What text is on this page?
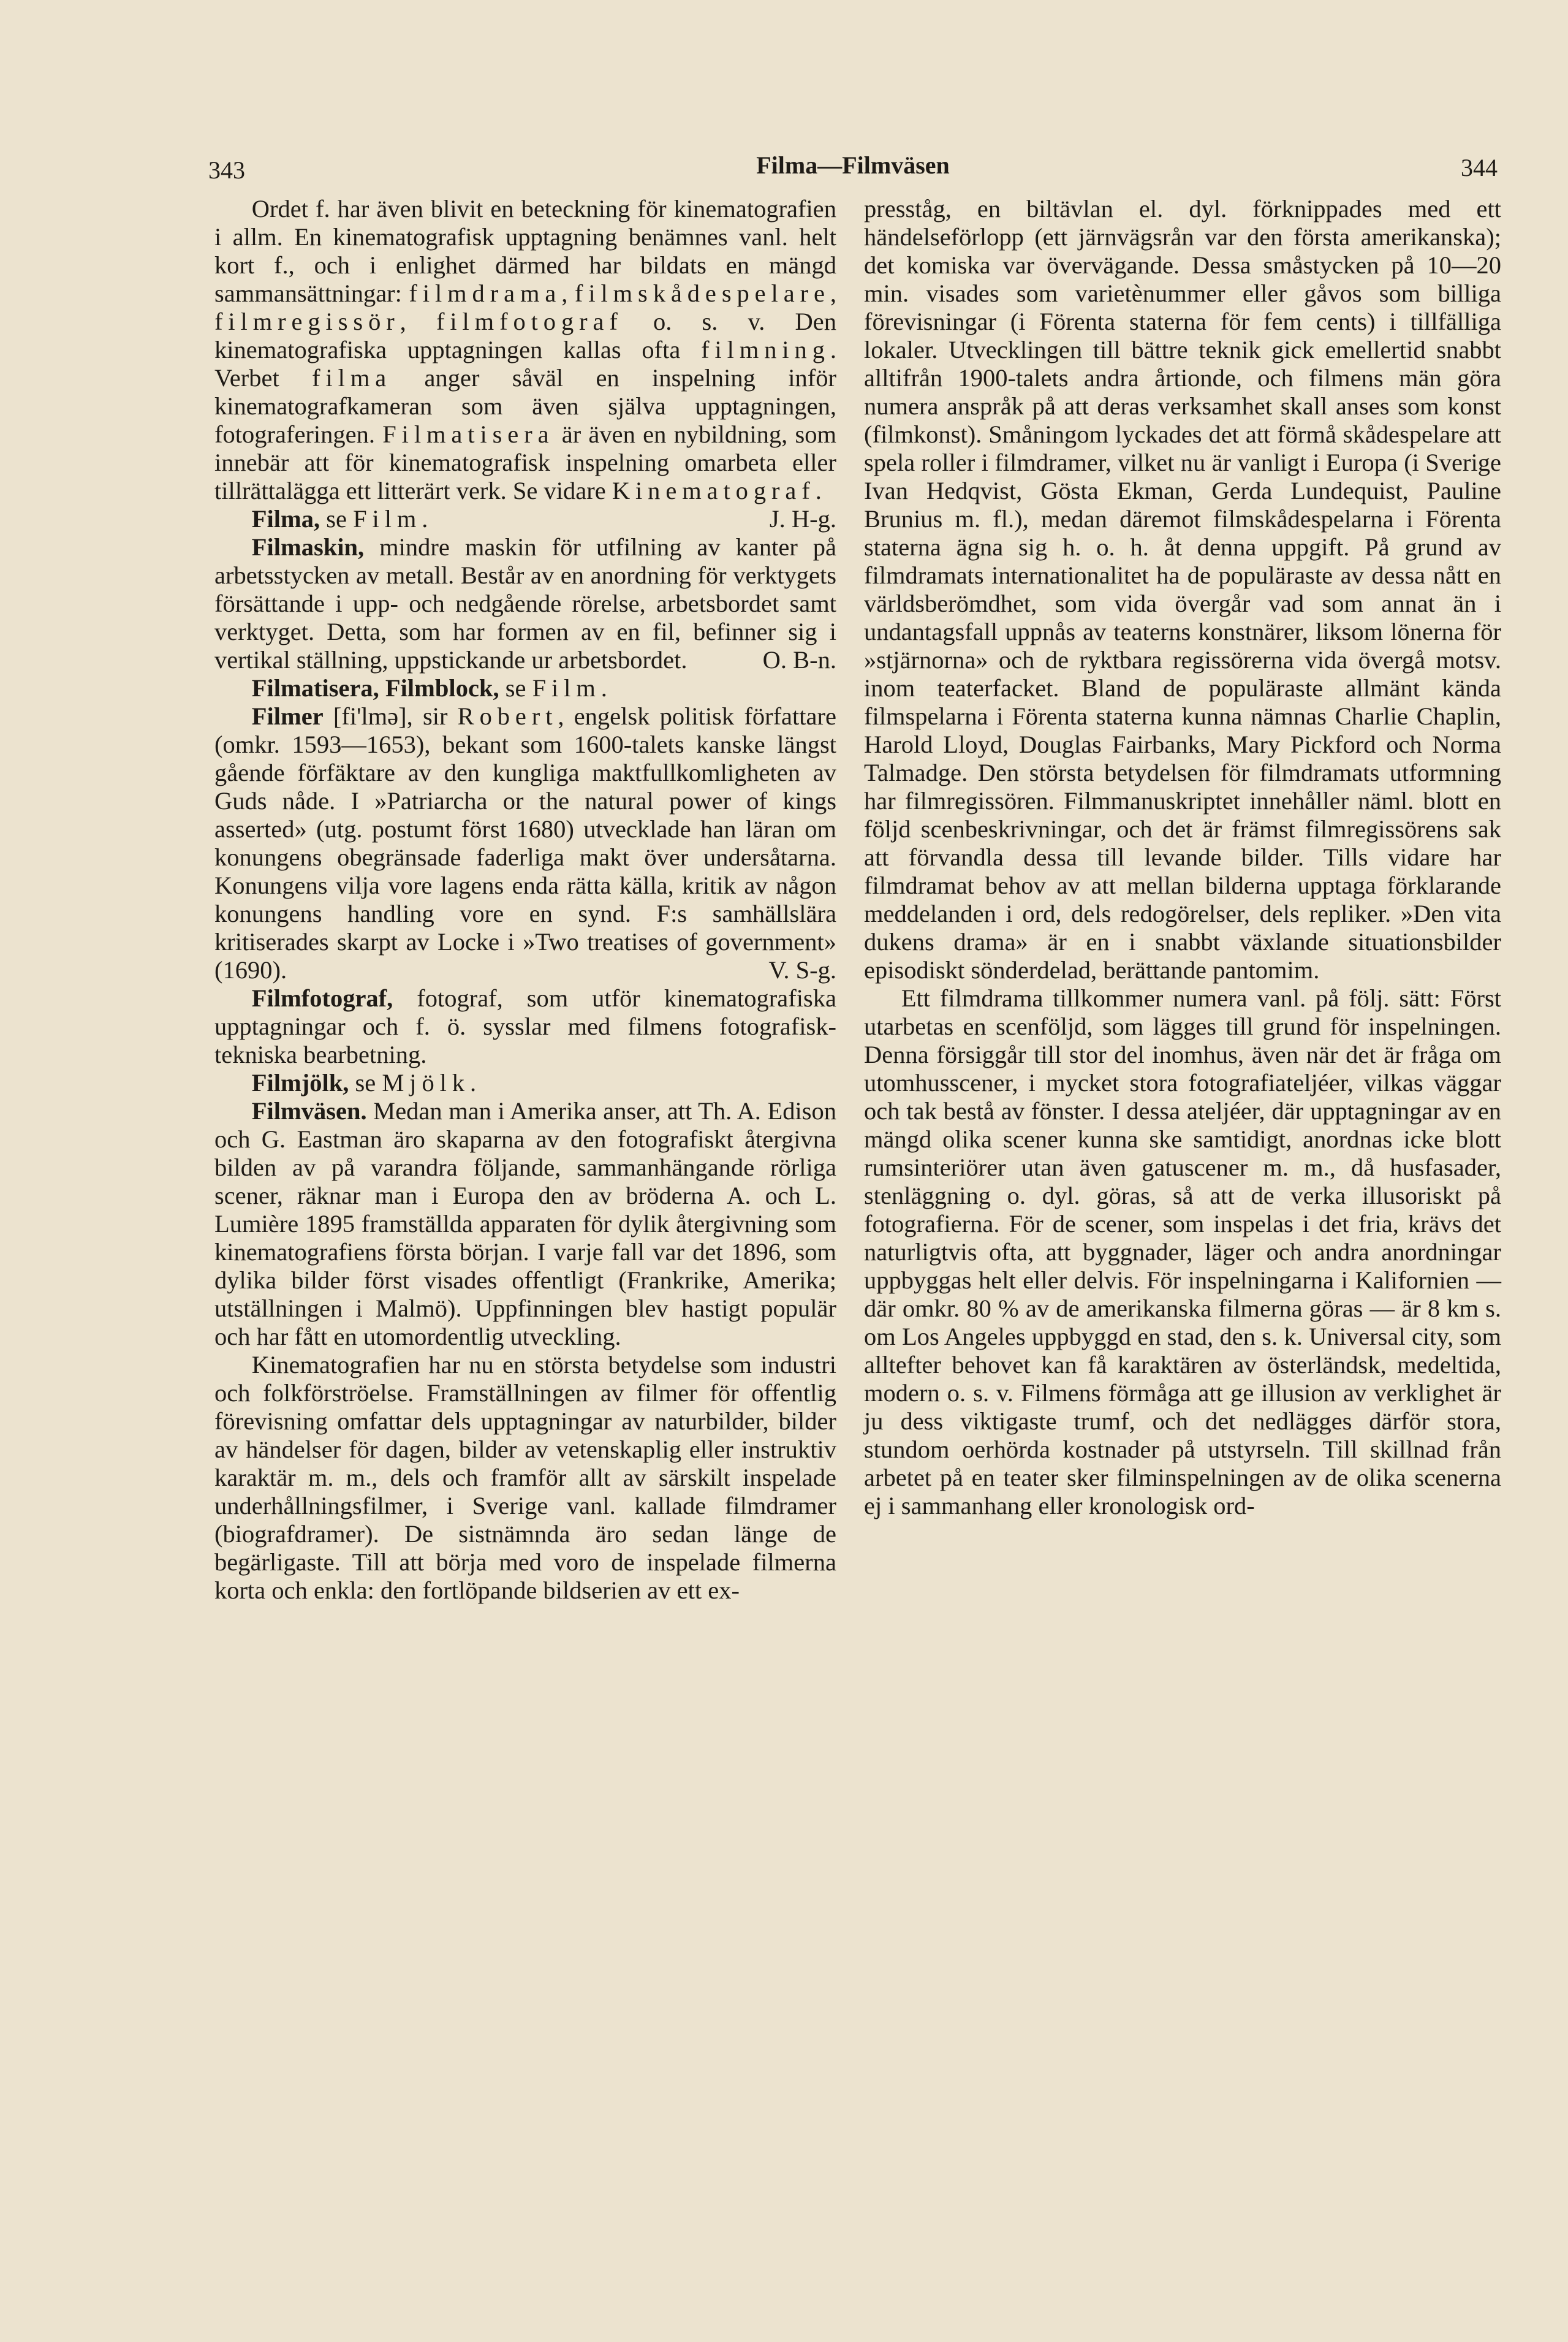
343	Filma—Filmväsen	344

Ordet f. har även blivit en beteckning för kinematografien i allm. En kinematografisk upptagning benämnes vanl. helt kort f., och i enlighet därmed har bildats en mängd sammansättningar: filmdrama, filmskådespelare, filmregissör, filmfotograf o. s. v. Den kinematografiska upptagningen kallas ofta filmning. Verbet filma anger såväl en inspelning inför kinematografkameran som även själva upptagningen, fotograferingen. Filmatisera är även en nybildning, som innebär att för kinematografisk inspelning omarbeta eller tillrättalägga ett litterärt verk. Se vidare Kinematograf.
J. H-g.

Filma, se Film.

Filmaskin, mindre maskin för utfilning av kanter på arbetsstycken av metall. Består av en anordning för verktygets försättande i upp- och nedgående rörelse, arbetsbordet samt verktyget. Detta, som har formen av en fil, befinner sig i vertikal ställning, uppstickande ur arbetsbordet.	O. B-n.

Filmatisera, Filmblock, se Film.

Filmer [fi'lmə], sir Robert, engelsk politisk författare (omkr. 1593—1653), bekant som 1600-talets kanske längst gående förfäktare av den kungliga maktfullkomligheten av Guds nåde. I »Patriarcha or the natural power of kings asserted» (utg. postumt först 1680) utvecklade han läran om konungens obegränsade faderliga makt över undersåtarna. Konungens vilja vore lagens enda rätta källa, kritik av någon konungens handling vore en synd. F:s samhällslära kritiserades skarpt av Locke i »Two treatises of government» (1690).	V. S-g.

Filmfotograf, fotograf, som utför kinematografiska upptagningar och f. ö. sysslar med filmens fotografisk-tekniska bearbetning.

Filmjölk, se Mjölk.

Filmväsen. Medan man i Amerika anser, att Th. A. Edison och G. Eastman äro skaparna av den fotografiskt återgivna bilden av på varandra följande, sammanhängande rörliga scener, räknar man i Europa den av bröderna A. och L. Lumière 1895 framställda apparaten för dylik återgivning som kinematografiens första början. I varje fall var det 1896, som dylika bilder först visades offentligt (Frankrike, Amerika; utställningen i Malmö). Uppfinningen blev hastigt populär och har fått en utomordentlig utveckling.

Kinematografien har nu en största betydelse som industri och folkförströelse. Framställningen av filmer för offentlig förevisning omfattar dels upptagningar av naturbilder, bilder av händelser för dagen, bilder av vetenskaplig eller instruktiv karaktär m. m., dels och framför allt av särskilt inspelade underhållningsfilmer, i Sverige vanl. kallade filmdramer (biografdramer). De sistnämnda äro sedan länge de begärligaste. Till att börja med voro de inspelade filmerna korta och enkla: den fortlöpande bildserien av ett ex-

presståg, en biltävlan el. dyl. förknippades med ett händelseförlopp (ett järnvägsrån var den första amerikanska); det komiska var övervägande. Dessa småstycken på 10—20 min. visades som varietènummer eller gåvos som billiga förevisningar (i Förenta staterna för fem cents) i tillfälliga lokaler. Utvecklingen till bättre teknik gick emellertid snabbt alltifrån 1900-talets andra årtionde, och filmens män göra numera anspråk på att deras verksamhet skall anses som konst (filmkonst). Småningom lyckades det att förmå skådespelare att spela roller i filmdramer, vilket nu är vanligt i Europa (i Sverige Ivan Hedqvist, Gösta Ekman, Gerda Lundequist, Pauline Brunius m. fl.), medan däremot filmskådespelarna i Förenta staterna ägna sig h. o. h. åt denna uppgift. På grund av filmdramats internationalitet ha de populäraste av dessa nått en världsberömdhet, som vida övergår vad som annat än i undantagsfall uppnås av teaterns konstnärer, liksom lönerna för »stjärnorna» och de ryktbara regissörerna vida övergå motsv. inom teaterfacket. Bland de populäraste allmänt kända filmspelarna i Förenta staterna kunna nämnas Charlie Chaplin, Harold Lloyd, Douglas Fairbanks, Mary Pickford och Norma Talmadge. Den största betydelsen för filmdramats utformning har filmregissören. Filmmanuskriptet innehåller näml. blott en följd scenbeskrivningar, och det är främst filmregissörens sak att förvandla dessa till levande bilder. Tills vidare har filmdramat behov av att mellan bilderna upptaga förklarande meddelanden i ord, dels redogörelser, dels repliker. »Den vita dukens drama» är en i snabbt växlande situationsbilder episodiskt sönderdelad, berättande pantomim.

Ett filmdrama tillkommer numera vanl. på följ. sätt: Först utarbetas en scenföljd, som lägges till grund för inspelningen. Denna försiggår till stor del inomhus, även när det är fråga om utomhusscener, i mycket stora fotografiateljéer, vilkas väggar och tak bestå av fönster. I dessa ateljéer, där upptagningar av en mängd olika scener kunna ske samtidigt, anordnas icke blott rumsinteriörer utan även gatuscener m. m., då husfasader, stenläggning o. dyl. göras, så att de verka illusoriskt på fotografierna. För de scener, som inspelas i det fria, krävs det naturligtvis ofta, att byggnader, läger och andra anordningar uppbyggas helt eller delvis. För inspelningarna i Kalifornien — där omkr. 80 % av de amerikanska filmerna göras — är 8 km s. om Los Angeles uppbyggd en stad, den s. k. Universal city, som alltefter behovet kan få karaktären av österländsk, medeltida, modern o. s. v. Filmens förmåga att ge illusion av verklighet är ju dess viktigaste trumf, och det nedlägges därför stora, stundom oerhörda kostnader på utstyrseln. Till skillnad från arbetet på en teater sker filminspelningen av de olika scenerna ej i sammanhang eller kronologisk ord-
